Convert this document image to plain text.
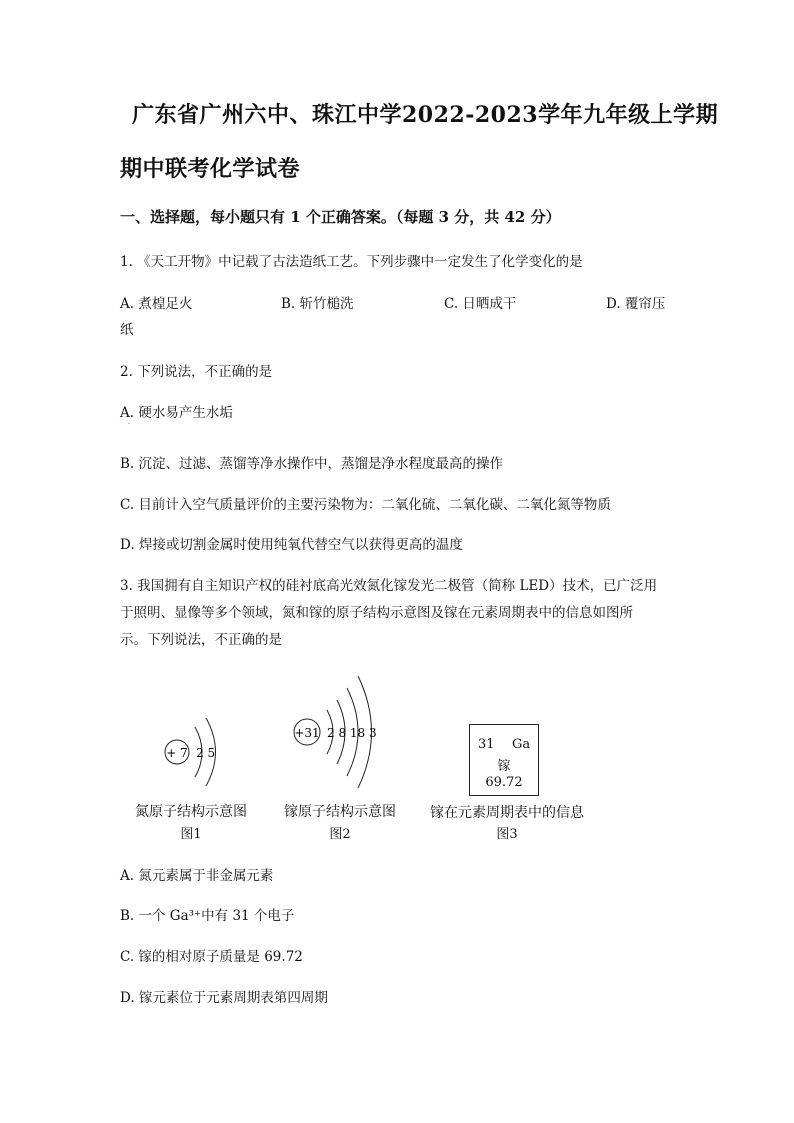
广东省广州六中、珠江中学2022-2023学年九年级上学期
期中联考化学试卷
一、选择题，每小题只有 1 个正确答案。（每题 3 分，共 42 分）
1. 《天工开物》中记载了古法造纸工艺。下列步骤中一定发生了化学变化的是
A. 煮楻足火	B. 斩竹槌洗	C. 日晒成干	D. 覆帘压
纸
2. 下列说法，不正确的是
A. 硬水易产生水垢
·
B. 沉淀、过滤、蒸馏等净水操作中，蒸馏是净水程度最高的操作
C. 目前计入空气质量评价的主要污染物为：二氧化硫、二氧化碳、二氧化氮等物质
D. 焊接或切割金属时使用纯氧代替空气以获得更高的温度
3. 我国拥有自主知识产权的硅衬底高光效氮化镓发光二极管（简称 LED）技术，已广泛用
于照明、显像等多个领域，氮和镓的原子结构示意图及镓在元素周期表中的信息如图所
示。下列说法，不正确的是
+ 7 2 5
氮原子结构示意图
图1
+31 2 8 18 3
镓原子结构示意图
图2
31 Ga
镓
69.72
镓在元素周期表中的信息
图3
A. 氮元素属于非金属元素
B. 一个 Ga³⁺中有 31 个电子
C. 镓的相对原子质量是 69.72
D. 镓元素位于元素周期表第四周期
